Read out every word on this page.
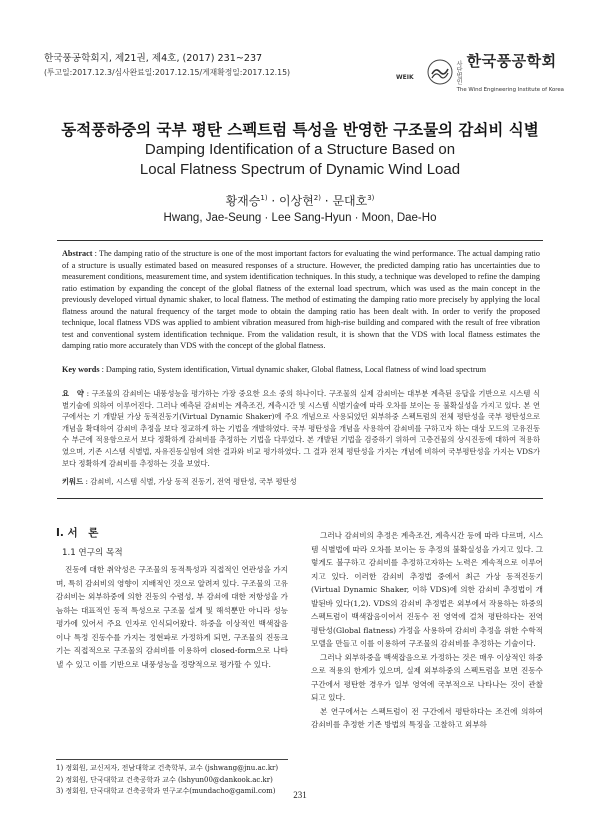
한국풍공학회지, 제21권, 제4호, (2017) 231~237
(투고일:2017.12.3/심사완료일:2017.12.15/게재확정일:2017.12.15)
사단 법인
한국풍공학회
The Wind Engineering Institute of Korea
WEIK
동적풍하중의 국부 평탄 스펙트럼 특성을 반영한 구조물의 감쇠비 식별
Damping Identification of a Structure Based on
Local Flatness Spectrum of Dynamic Wind Load
황재승$^{1)}$ · 이상현$^{2)}$ · 문대호$^{3)}$
Hwang, Jae-Seung · Lee Sang-Hyun · Moon, Dae-Ho
Abstract : The damping ratio of the structure is one of the most important factors for evaluating the wind performance. The actual damping ratio of a structure is usually estimated based on measured responses of a structure. However, the predicted damping ratio has uncertainties due to measurement conditions, measurement time, and system identification techniques. In this study, a technique was developed to refine the damping ratio estimation by expanding the concept of the global flatness of the external load spectrum, which was used as the main concept in the previously developed virtual dynamic shaker, to local flatness. The method of estimating the damping ratio more precisely by applying the local flatness around the natural frequency of the target mode to obtain the damping ratio has been dealt with. In order to verify the proposed technique, local flatness VDS was applied to ambient vibration measured from high-rise building and compared with the result of free vibration test and conventional system identification technique. From the validation result, it is shown that the VDS with local flatness estimates the damping ratio more accurately than VDS with the concept of the global flatness.
Key words : Damping ratio, System identification, Virtual dynamic shaker, Global flatness, Local flatness of wind load spectrum
요　약 : 구조물의 감쇠비는 내풍성능을 평가하는 가장 중요한 요소 중의 하나이다. 구조물의 실제 감쇠비는 대부분 계측된 응답을 기반으로 시스템 식별기술에 의하여 이루어진다. 그러나 예측된 감쇠비는 계측조건, 계측시간 및 시스템 식별기술에 따라 오차를 보이는 등 불확실성을 가지고 있다. 본 연구에서는 기 개발된 가상 동적진동기(Virtual Dynamic Shaker)에 주요 개념으로 사용되었던 외부하중 스펙트럼의 전체 평탄성을 국부 평탄성으로 개념을 확대하여 감쇠비 추정을 보다 정교하게 하는 기법을 개발하였다. 국부 평탄성을 개념을 사용하여 감쇠비를 구하고자 하는 대상 모드의 고유진동수 부근에 적용함으로서 보다 정확하게 감쇠비를 추정하는 기법을 다루었다. 본 개발된 기법을 검증하기 위하여 고층건물의 상시진동에 대하여 적용하였으며, 기존 시스템 식별법, 자유진동실험에 의한 결과와 비교 평가하였다. 그 결과 전체 평탄성을 가지는 개념에 비하여 국부평탄성을 가지는 VDS가 보다 정확하게 감쇠비를 추정하는 것을 보였다.
키워드 : 감쇠비, 시스템 식별, 가상 동적 진동기, 전역 평탄성, 국부 평탄성
I. 서　론
1.1 연구의 목적
진동에 대한 취약성은 구조물의 동적특성과 직접적인 연관성을 가지며, 특히 감쇠비의 영향이 지배적인 것으로 알려져 있다. 구조물의 고유 감쇠비는 외부하중에 의한 진동의 수렴성, 부 감쇠에 대한 저항성을 가늠하는 대표적인 동적 특성으로 구조물 설계 및 해석뿐만 아니라 성능평가에 있어서 주요 인자로 인식되어왔다. 하중을 이상적인 백색잡음이나 특정 진동수를 가지는 정현파로 가정하게 되면, 구조물의 진동크기는 직접적으로 구조물의 감쇠비를 이용하여 closed-form으로 나타낼 수 있고 이를 기반으로 내풍성능을 정량적으로 평가할 수 있다.
그러나 감쇠비의 추정은 계측조건, 계측시간 등에 따라 다르며, 시스템 식별법에 따라 오차를 보이는 등 추정의 불확실성을 가지고 있다. 그렇게도 불구하고 감쇠비를 추정하고자하는 노력은 계속적으로 이루어지고 있다. 이러한 감쇠비 추정법 중에서 최근 가상 동적진동기(Virtual Dynamic Shaker, 이하 VDS)에 의한 감쇠비 추정법이 개발된바 있다(1,2). VDS의 감쇠비 추정법은 외부에서 작용하는 하중의 스펙트럼이 백색잡음이어서 진동수 전 영역에 걸쳐 평탄하다는 전역 평탄성(Global flatness) 가정을 사용하여 감쇠비 추정을 위한 수학적 모델을 만들고 이를 이용하여 구조물의 감쇠비를 추정하는 기술이다.
그러나 외부하중을 백색잡음으로 가정하는 것은 매우 이상적인 하중으로 적용의 한계가 있으며, 실제 외부하중의 스펙트럼을 보면 진동수 구간에서 평탄한 경우가 일부 영역에 국부적으로 나타나는 것이 관찰되고 있다.
본 연구에서는 스펙트럼이 전 구간에서 평탄하다는 조건에 의하여 감쇠비를 추정한 기존 방법의 특징을 고찰하고 외부하
1) 정회원, 교신저자, 전남대학교 건축학부, 교수 (jshwang@jnu.ac.kr)
2) 정회원, 단국대학교 건축공학과 교수 (lshyun00@dankook.ac.kr)
3) 정회원, 단국대학교 건축공학과 연구교수(mundacho@gamil.com)	231
